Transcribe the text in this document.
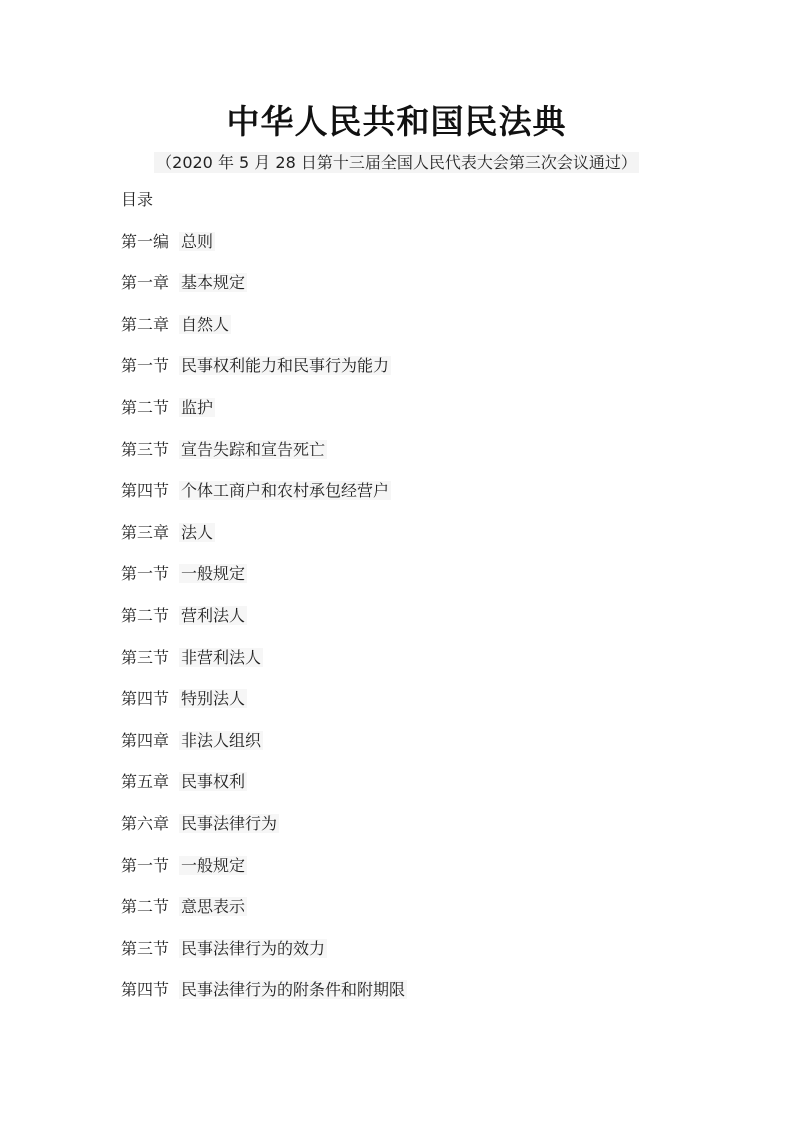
中华人民共和国民法典
（2020 年 5 月 28 日第十三届全国人民代表大会第三次会议通过）
目录
第一编 总则
第一章 基本规定
第二章 自然人
第一节 民事权利能力和民事行为能力
第二节 监护
第三节 宣告失踪和宣告死亡
第四节 个体工商户和农村承包经营户
第三章 法人
第一节 一般规定
第二节 营利法人
第三节 非营利法人
第四节 特别法人
第四章 非法人组织
第五章 民事权利
第六章 民事法律行为
第一节 一般规定
第二节 意思表示
第三节 民事法律行为的效力
第四节 民事法律行为的附条件和附期限
